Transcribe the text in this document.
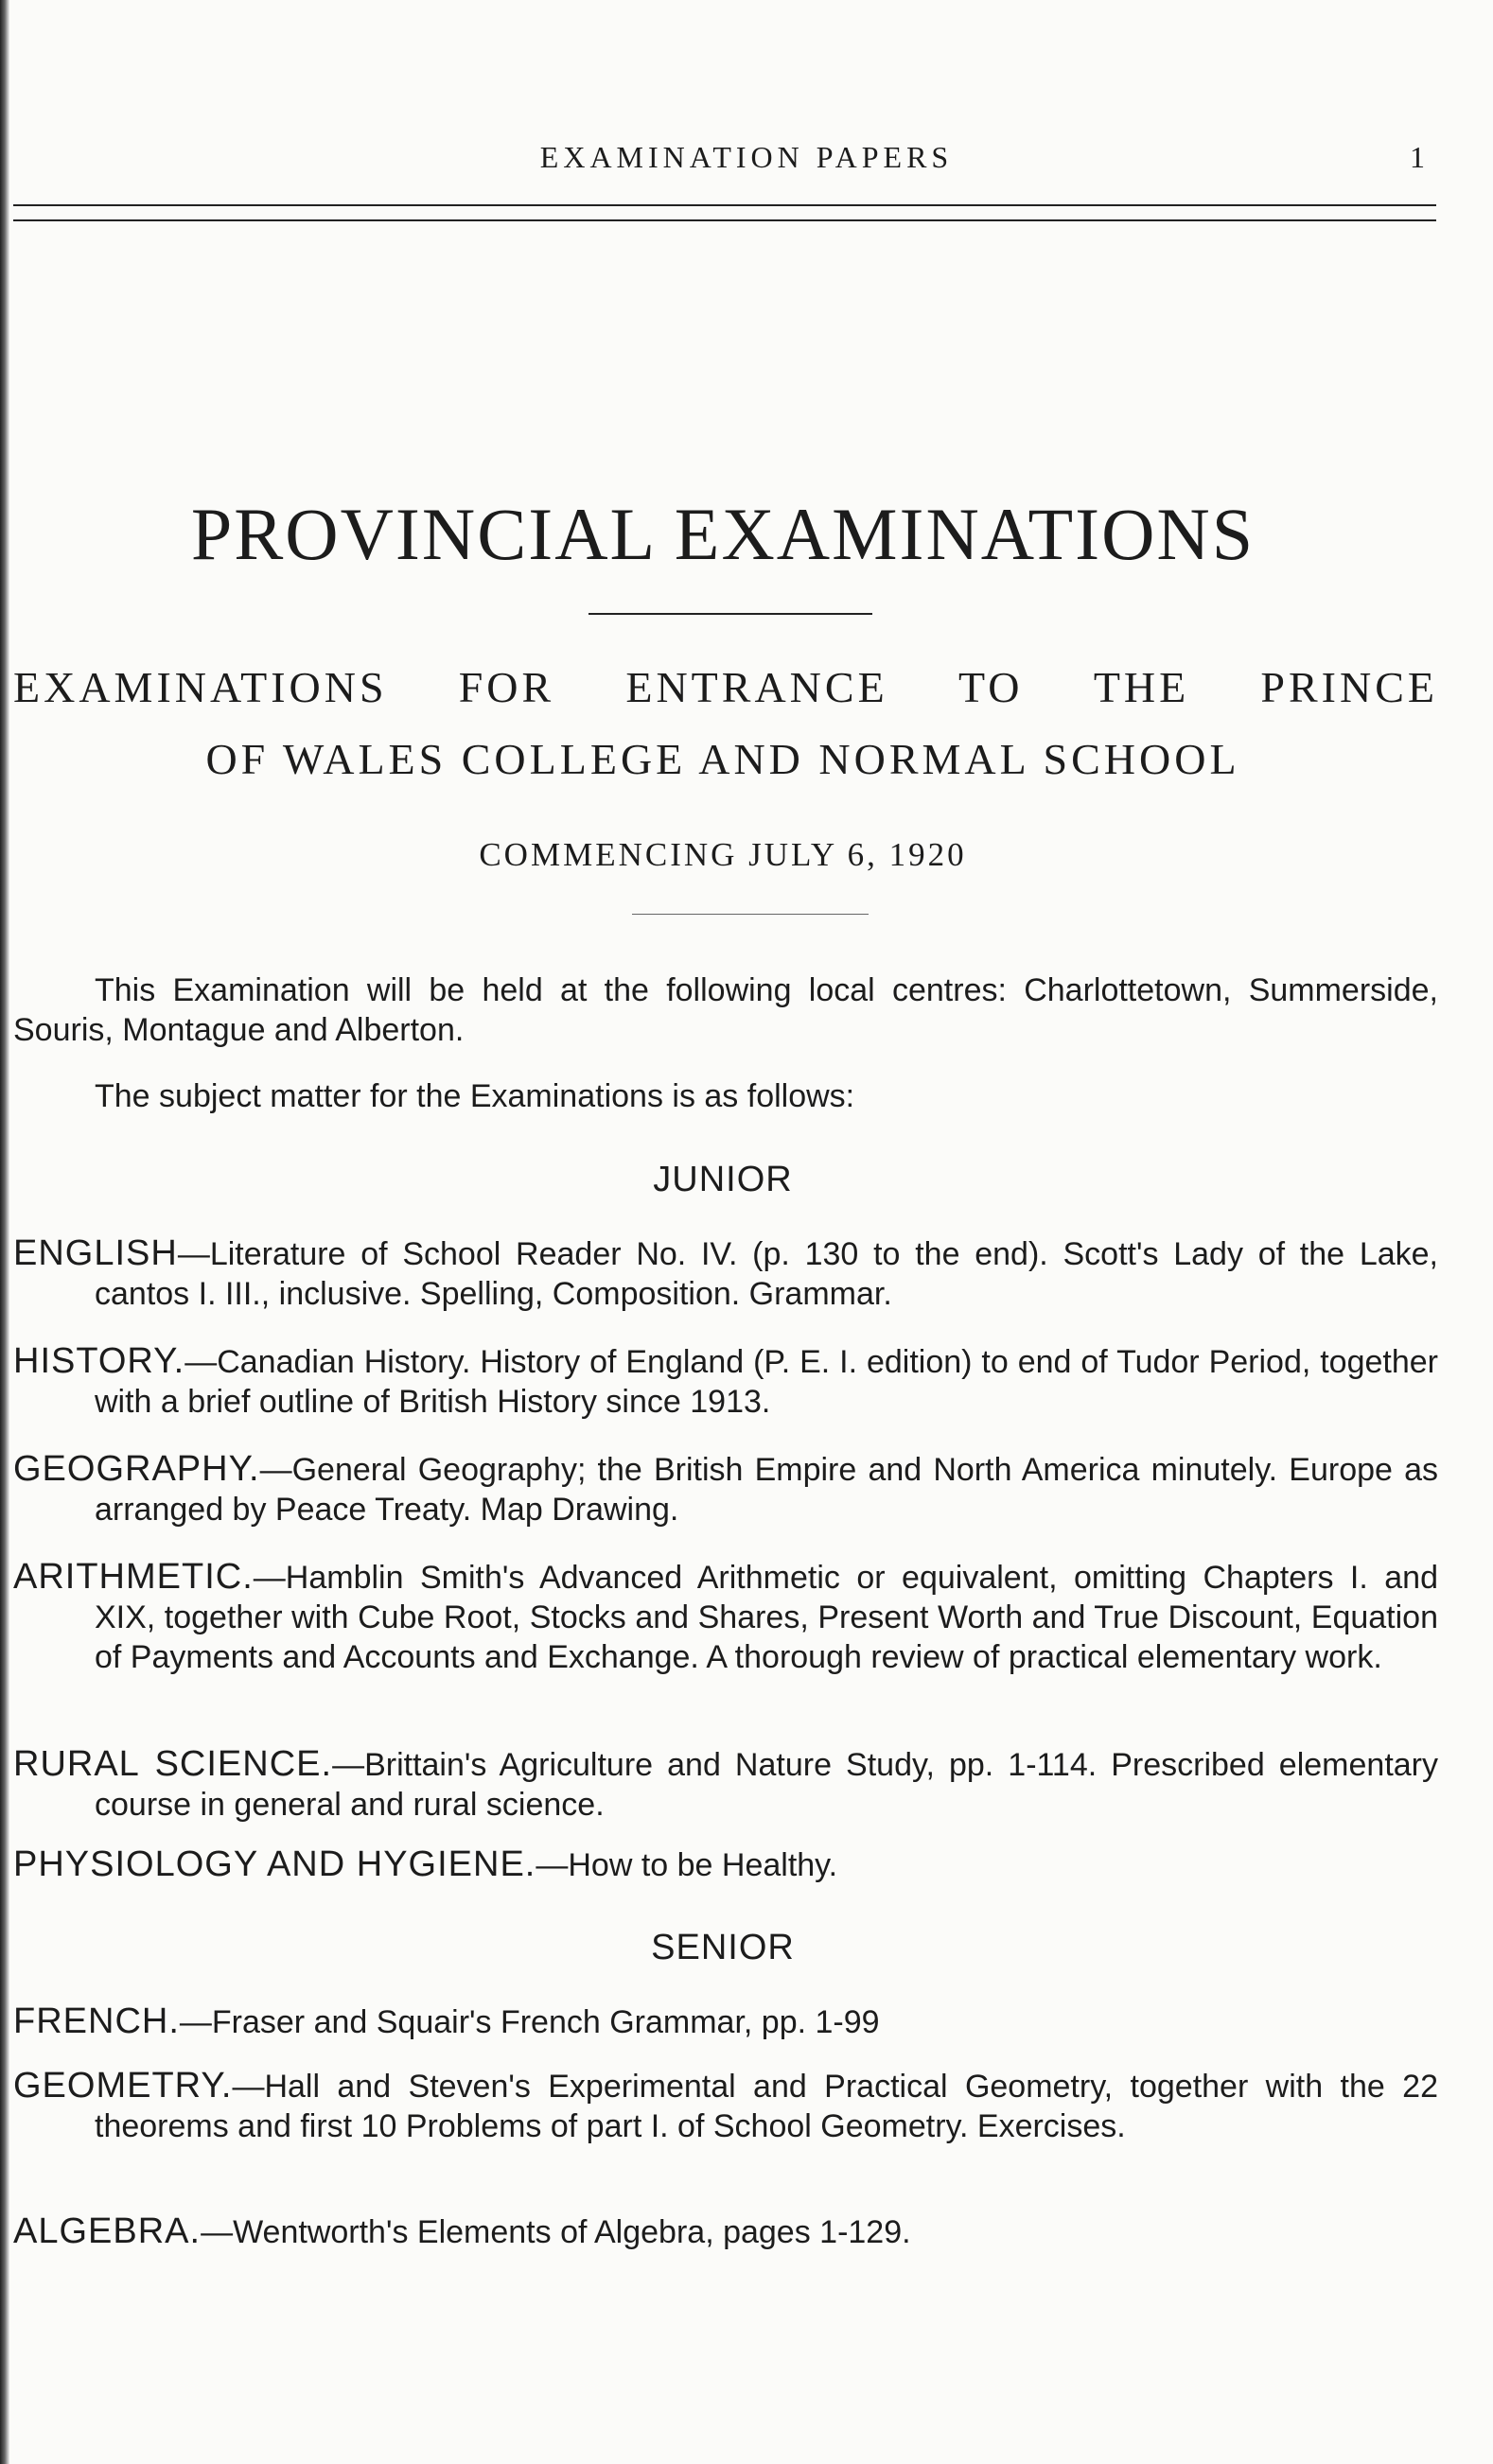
EXAMINATION PAPERS	1
PROVINCIAL EXAMINATIONS
EXAMINATIONS FOR ENTRANCE TO THE PRINCE
OF WALES COLLEGE AND NORMAL SCHOOL
COMMENCING JULY 6, 1920
This Examination will be held at the following local centres: Charlottetown, Summerside, Souris, Montague and Alberton.
The subject matter for the Examinations is as follows:
JUNIOR
ENGLISH—Literature of School Reader No. IV. (p. 130 to the end). Scott's Lady of the Lake, cantos I. III., inclusive. Spelling, Composition. Grammar.
HISTORY.—Canadian History. History of England (P. E. I. edition) to end of Tudor Period, together with a brief outline of British History since 1913.
GEOGRAPHY.—General Geography; the British Empire and North America minutely. Europe as arranged by Peace Treaty. Map Drawing.
ARITHMETIC.—Hamblin Smith's Advanced Arithmetic or equivalent, omitting Chapters I. and XIX, together with Cube Root, Stocks and Shares, Present Worth and True Discount, Equation of Payments and Accounts and Exchange. A thorough review of practical elementary work.
RURAL SCIENCE.—Brittain's Agriculture and Nature Study, pp. 1-114. Prescribed elementary course in general and rural science.
PHYSIOLOGY AND HYGIENE.—How to be Healthy.
SENIOR
FRENCH.—Fraser and Squair's French Grammar, pp. 1-99
GEOMETRY.—Hall and Steven's Experimental and Practical Geometry, together with the 22 theorems and first 10 Problems of part I. of School Geometry. Exercises.
ALGEBRA.—Wentworth's Elements of Algebra, pages 1-129.
